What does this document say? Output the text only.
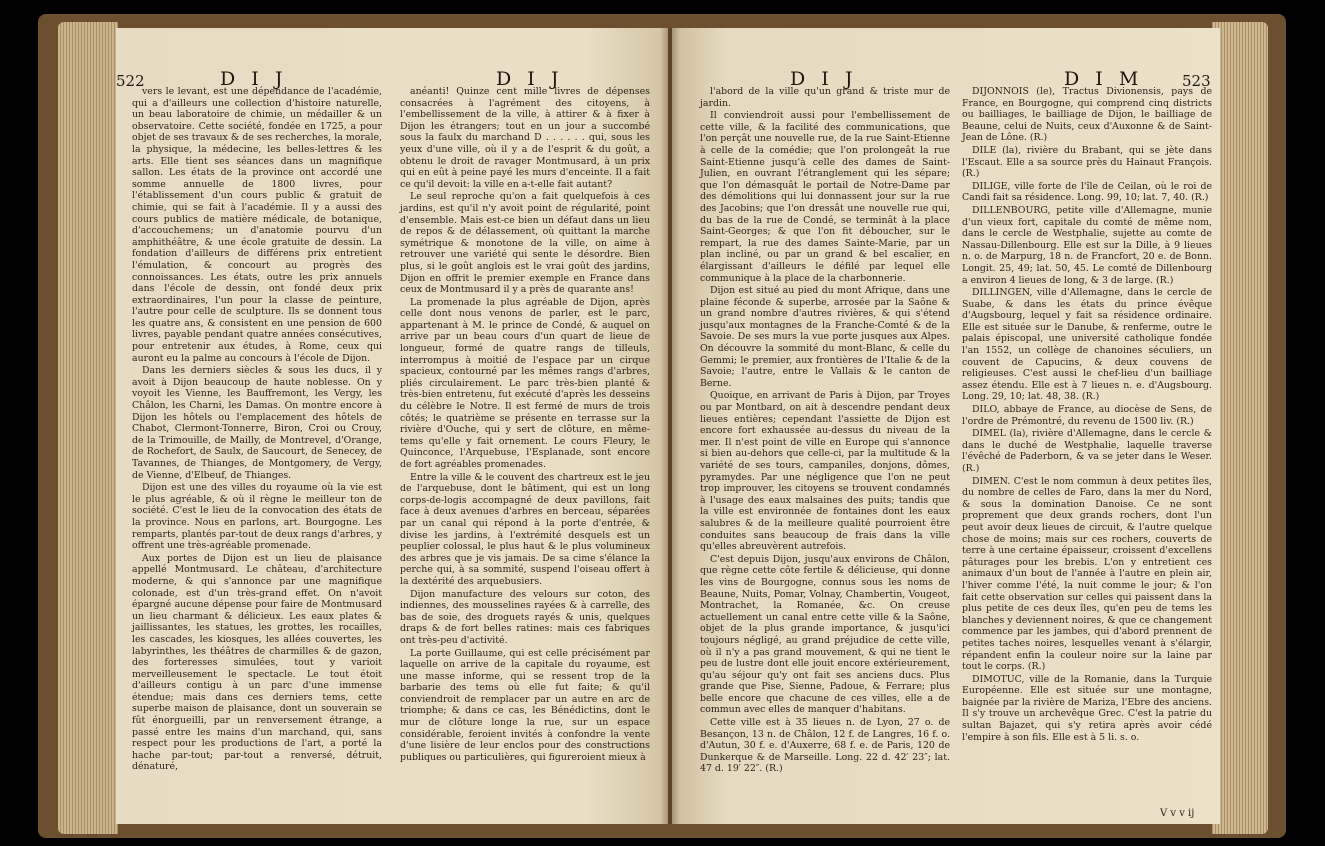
522	D I J	D I J

vers le levant, est une dépendance de l'académie, qui a d'ailleurs une collection d'histoire naturelle, un beau laboratoire de chimie, un médailler & un observatoire. Cette société, fondée en 1725, a pour objet de ses travaux & de ses recherches, la morale, la physique, la médecine, les belles-lettres & les arts. Elle tient ses séances dans un magnifique sallon. Les états de la province ont accordé une somme annuelle de 1800 livres, pour l'établissement d'un cours public & gratuit de chimie, qui se fait à l'académie. Il y a aussi des cours publics de matière médicale, de botanique, d'accouchemens; un d'anatomie pourvu d'un amphithéâtre, & une école gratuite de dessin. La fondation d'ailleurs de différens prix entretient l'émulation, & concourt au progrès des connoissances. Les états, outre les prix annuels dans l'école de dessin, ont fondé deux prix extraordinaires, l'un pour la classe de peinture, l'autre pour celle de sculpture. Ils se donnent tous les quatre ans, & consistent en une pension de 600 livres, payable pendant quatre années consécutives, pour entretenir aux études, à Rome, ceux qui auront eu la palme au concours à l'école de Dijon.

Dans les derniers siècles & sous les ducs, il y avoit à Dijon beaucoup de haute noblesse. On y voyoit les Vienne, les Bauffremont, les Vergy, les Châlon, les Charni, les Damas. On montre encore à Dijon les hôtels ou l'emplacement des hôtels de Chabot, Clermont-Tonnerre, Biron, Croi ou Crouy, de la Trimouille, de Mailly, de Montrevel, d'Orange, de Rochefort, de Saulx, de Saucourt, de Senecey, de Tavannes, de Thianges, de Montgomery, de Vergy, de Vienne, d'Elbeuf, de Thianges.

Dijon est une des villes du royaume où la vie est le plus agréable, & où il règne le meilleur ton de société. C'est le lieu de la convocation des états de la province. Nous en parlons, art. Bourgogne. Les remparts, plantés par-tout de deux rangs d'arbres, y offrent une très-agréable promenade.

Aux portes de Dijon est un lieu de plaisance appellé Montmusard. Le château, d'architecture moderne, & qui s'annonce par une magnifique colonade, est d'un très-grand effet. On n'avoit épargné aucune dépense pour faire de Montmusard un lieu charmant & délicieux. Les eaux plates & jaillissantes, les statues, les grottes, les rocailles, les cascades, les kiosques, les allées couvertes, les labyrinthes, les théâtres de charmilles & de gazon, des forteresses simulées, tout y varioit merveilleusement le spectacle. Le tout étoit d'ailleurs contigu à un parc d'une immense étendue; mais dans ces derniers tems, cette superbe maison de plaisance, dont un souverain se fût énorgueilli, par un renversement étrange, a passé entre les mains d'un marchand, qui, sans respect pour les productions de l'art, a porté la hache par-tout; par-tout a renversé, détruit, dénaturé,

anéanti! Quinze cent mille livres de dépenses consacrées à l'agrément des citoyens, à l'embellissement de la ville, à attirer & à fixer à Dijon les étrangers; tout en un jour a succombé sous la faulx du marchand D . . . . . . qui, sous les yeux d'une ville, où il y a de l'esprit & du goût, a obtenu le droit de ravager Montmusard, à un prix qui en eût à peine payé les murs d'enceinte. Il a fait ce qu'il devoit: la ville en a-t-elle fait autant?

Le seul reproche qu'on a fait quelquefois à ces jardins, est qu'il n'y avoit point de régularité, point d'ensemble. Mais est-ce bien un défaut dans un lieu de repos & de délassement, où quittant la marche symétrique & monotone de la ville, on aime à retrouver une variété qui sente le désordre. Bien plus, si le goût anglois est le vrai goût des jardins, Dijon en offrit le premier exemple en France dans ceux de Montmusard il y a près de quarante ans!

La promenade la plus agréable de Dijon, après celle dont nous venons de parler, est le parc, appartenant à M. le prince de Condé, & auquel on arrive par un beau cours d'un quart de lieue de longueur, formé de quatre rangs de tilleuls, interrompus à moitié de l'espace par un cirque spacieux, contourné par les mêmes rangs d'arbres, pliés circulairement. Le parc très-bien planté & très-bien entretenu, fut exécuté d'après les desseins du célèbre le Notre. Il est fermé de murs de trois côtés; le quatrième se présente en terrasse sur la rivière d'Ouche, qui y sert de clôture, en même-tems qu'elle y fait ornement. Le cours Fleury, le Quinconce, l'Arquebuse, l'Esplanade, sont encore de fort agréables promenades.

Entre la ville & le couvent des chartreux est le jeu de l'arquebuse, dont le bâtiment, qui est un long corps-de-logis accompagné de deux pavillons, fait face à deux avenues d'arbres en berceau, séparées par un canal qui répond à la porte d'entrée, & divise les jardins, à l'extrémité desquels est un peuplier colossal, le plus haut & le plus volumineux des arbres que je vis jamais. De sa cime s'élance la perche qui, à sa sommité, suspend l'oiseau offert à la dextérité des arquebusiers.

Dijon manufacture des velours sur coton, des indiennes, des mousselines rayées & à carrelle, des bas de soie, des droguets rayés & unis, quelques draps & de fort belles ratines: mais ces fabriques ont très-peu d'activité.

La porte Guillaume, qui est celle précisément par laquelle on arrive de la capitale du royaume, est une masse informe, qui se ressent trop de la barbarie des tems où elle fut faite; & qu'il conviendroit de remplacer par un autre en arc de triomphe; & dans ce cas, les Bénédictins, dont le mur de clôture longe la rue, sur un espace considérable, feroient invités à confondre la vente d'une lisière de leur enclos pour des constructions publiques ou particulières, qui figureroient mieux à

D I J	D I M	523

l'abord de la ville qu'un grand & triste mur de jardin.

Il conviendroit aussi pour l'embellissement de cette ville, & la facilité des communications, que l'on perçât une nouvelle rue, de la rue Saint-Etienne à celle de la comédie; que l'on prolongeât la rue Saint-Etienne jusqu'à celle des dames de Saint-Julien, en ouvrant l'étranglement qui les sépare; que l'on démasquât le portail de Notre-Dame par des démolitions qui lui donnassent jour sur la rue des Jacobins; que l'on dressât une nouvelle rue qui, du bas de la rue de Condé, se terminât à la place Saint-Georges; & que l'on fit déboucher, sur le rempart, la rue des dames Sainte-Marie, par un plan incliné, ou par un grand & bel escalier, en élargissant d'ailleurs le défilé par lequel elle communique à la place de la charbonnerie.

Dijon est situé au pied du mont Afrique, dans une plaine féconde & superbe, arrosée par la Saône & un grand nombre d'autres rivières, & qui s'étend jusqu'aux montagnes de la Franche-Comté & de la Savoie. De ses murs la vue porte jusques aux Alpes. On découvre la sommité du mont-Blanc, & celle du Gemmi; le premier, aux frontières de l'Italie & de la Savoie; l'autre, entre le Vallais & le canton de Berne.

Quoique, en arrivant de Paris à Dijon, par Troyes ou par Montbard, on ait à descendre pendant deux lieues entières; cependant l'assiette de Dijon est encore fort exhaussée au-dessus du niveau de la mer. Il n'est point de ville en Europe qui s'annonce si bien au-dehors que celle-ci, par la multitude & la variété de ses tours, campaniles, donjons, dômes, pyramydes. Par une négligence que l'on ne peut trop improuver, les citoyens se trouvent condamnés à l'usage des eaux malsaines des puits; tandis que la ville est environnée de fontaines dont les eaux salubres & de la meilleure qualité pourroient être conduites sans beaucoup de frais dans la ville qu'elles abreuvèrent autrefois.

C'est depuis Dijon, jusqu'aux environs de Châlon, que règne cette côte fertile & délicieuse, qui donne les vins de Bourgogne, connus sous les noms de Beaune, Nuits, Pomar, Volnay, Chambertin, Vougeot, Montrachet, la Romanée, &c. On creuse actuellement un canal entre cette ville & la Saône, objet de la plus grande importance, & jusqu'ici toujours négligé, au grand préjudice de cette ville, où il n'y a pas grand mouvement, & qui ne tient le peu de lustre dont elle jouit encore extérieurement, qu'au séjour qu'y ont fait ses anciens ducs. Plus grande que Pise, Sienne, Padoue, & Ferrare; plus belle encore que chacune de ces villes, elle a de commun avec elles de manquer d'habitans.

Cette ville est à 35 lieues n. de Lyon, 27 o. de Besançon, 13 n. de Châlon, 12 f. de Langres, 16 f. o. d'Autun, 30 f. e. d'Auxerre, 68 f. e. de Paris, 120 de Dunkerque & de Marseille. Long. 22 d. 42′ 23″; lat. 47 d. 19′ 22″. (R.)

DIJONNOIS (le), Tractus Divionensis, pays de France, en Bourgogne, qui comprend cinq districts ou bailliages, le bailliage de Dijon, le bailliage de Beaune, celui de Nuits, ceux d'Auxonne & de Saint-Jean de Lône. (R.)

DILE (la), rivière du Brabant, qui se jète dans l'Escaut. Elle a sa source près du Hainaut François. (R.)

DILIGE, ville forte de l'île de Ceilan, où le roi de Candi fait sa résidence. Long. 99, 10; lat. 7, 40. (R.)

DILLENBOURG, petite ville d'Allemagne, munie d'un vieux fort, capitale du comté de même nom, dans le cercle de Westphalie, sujette au comte de Nassau-Dillenbourg. Elle est sur la Dille, à 9 lieues n. o. de Marpurg, 18 n. de Francfort, 20 e. de Bonn. Longit. 25, 49; lat. 50, 45. Le comté de Dillenbourg a environ 4 lieues de long, & 3 de large. (R.)

DILLINGEN, ville d'Allemagne, dans le cercle de Suabe, & dans les états du prince évêque d'Augsbourg, lequel y fait sa résidence ordinaire. Elle est située sur le Danube, & renferme, outre le palais épiscopal, une université catholique fondée l'an 1552, un collège de chanoines séculiers, un couvent de Capucins, & deux couvens de religieuses. C'est aussi le chef-lieu d'un bailliage assez étendu. Elle est à 7 lieues n. e. d'Augsbourg. Long. 29, 10; lat. 48, 38. (R.)

DILO, abbaye de France, au diocèse de Sens, de l'ordre de Prémontré, du revenu de 1500 liv. (R.)

DIMEL (la), rivière d'Allemagne, dans le cercle & dans le duché de Westphalie, laquelle traverse l'évêché de Paderborn, & va se jeter dans le Weser. (R.)

DIMEN. C'est le nom commun à deux petites îles, du nombre de celles de Faro, dans la mer du Nord, & sous la domination Danoise. Ce ne sont proprement que deux grands rochers, dont l'un peut avoir deux lieues de circuit, & l'autre quelque chose de moins; mais sur ces rochers, couverts de terre à une certaine épaisseur, croissent d'excellens pâturages pour les brebis. L'on y entretient ces animaux d'un bout de l'année à l'autre en plein air, l'hiver comme l'été, la nuit comme le jour; & l'on fait cette observation sur celles qui paissent dans la plus petite de ces deux îles, qu'en peu de tems les blanches y deviennent noires, & que ce changement commence par les jambes, qui d'abord prennent de petites taches noires, lesquelles venant à s'élargir, répandent enfin la couleur noire sur la laine par tout le corps. (R.)

DIMOTUC, ville de la Romanie, dans la Turquie Européenne. Elle est située sur une montagne, baignée par la rivière de Mariza, l'Ebre des anciens. Il s'y trouve un archevêque Grec. C'est la patrie du sultan Bajazet, qui s'y retira après avoir cédé l'empire à son fils. Elle est à 5 li. s. o.

V v v ij
